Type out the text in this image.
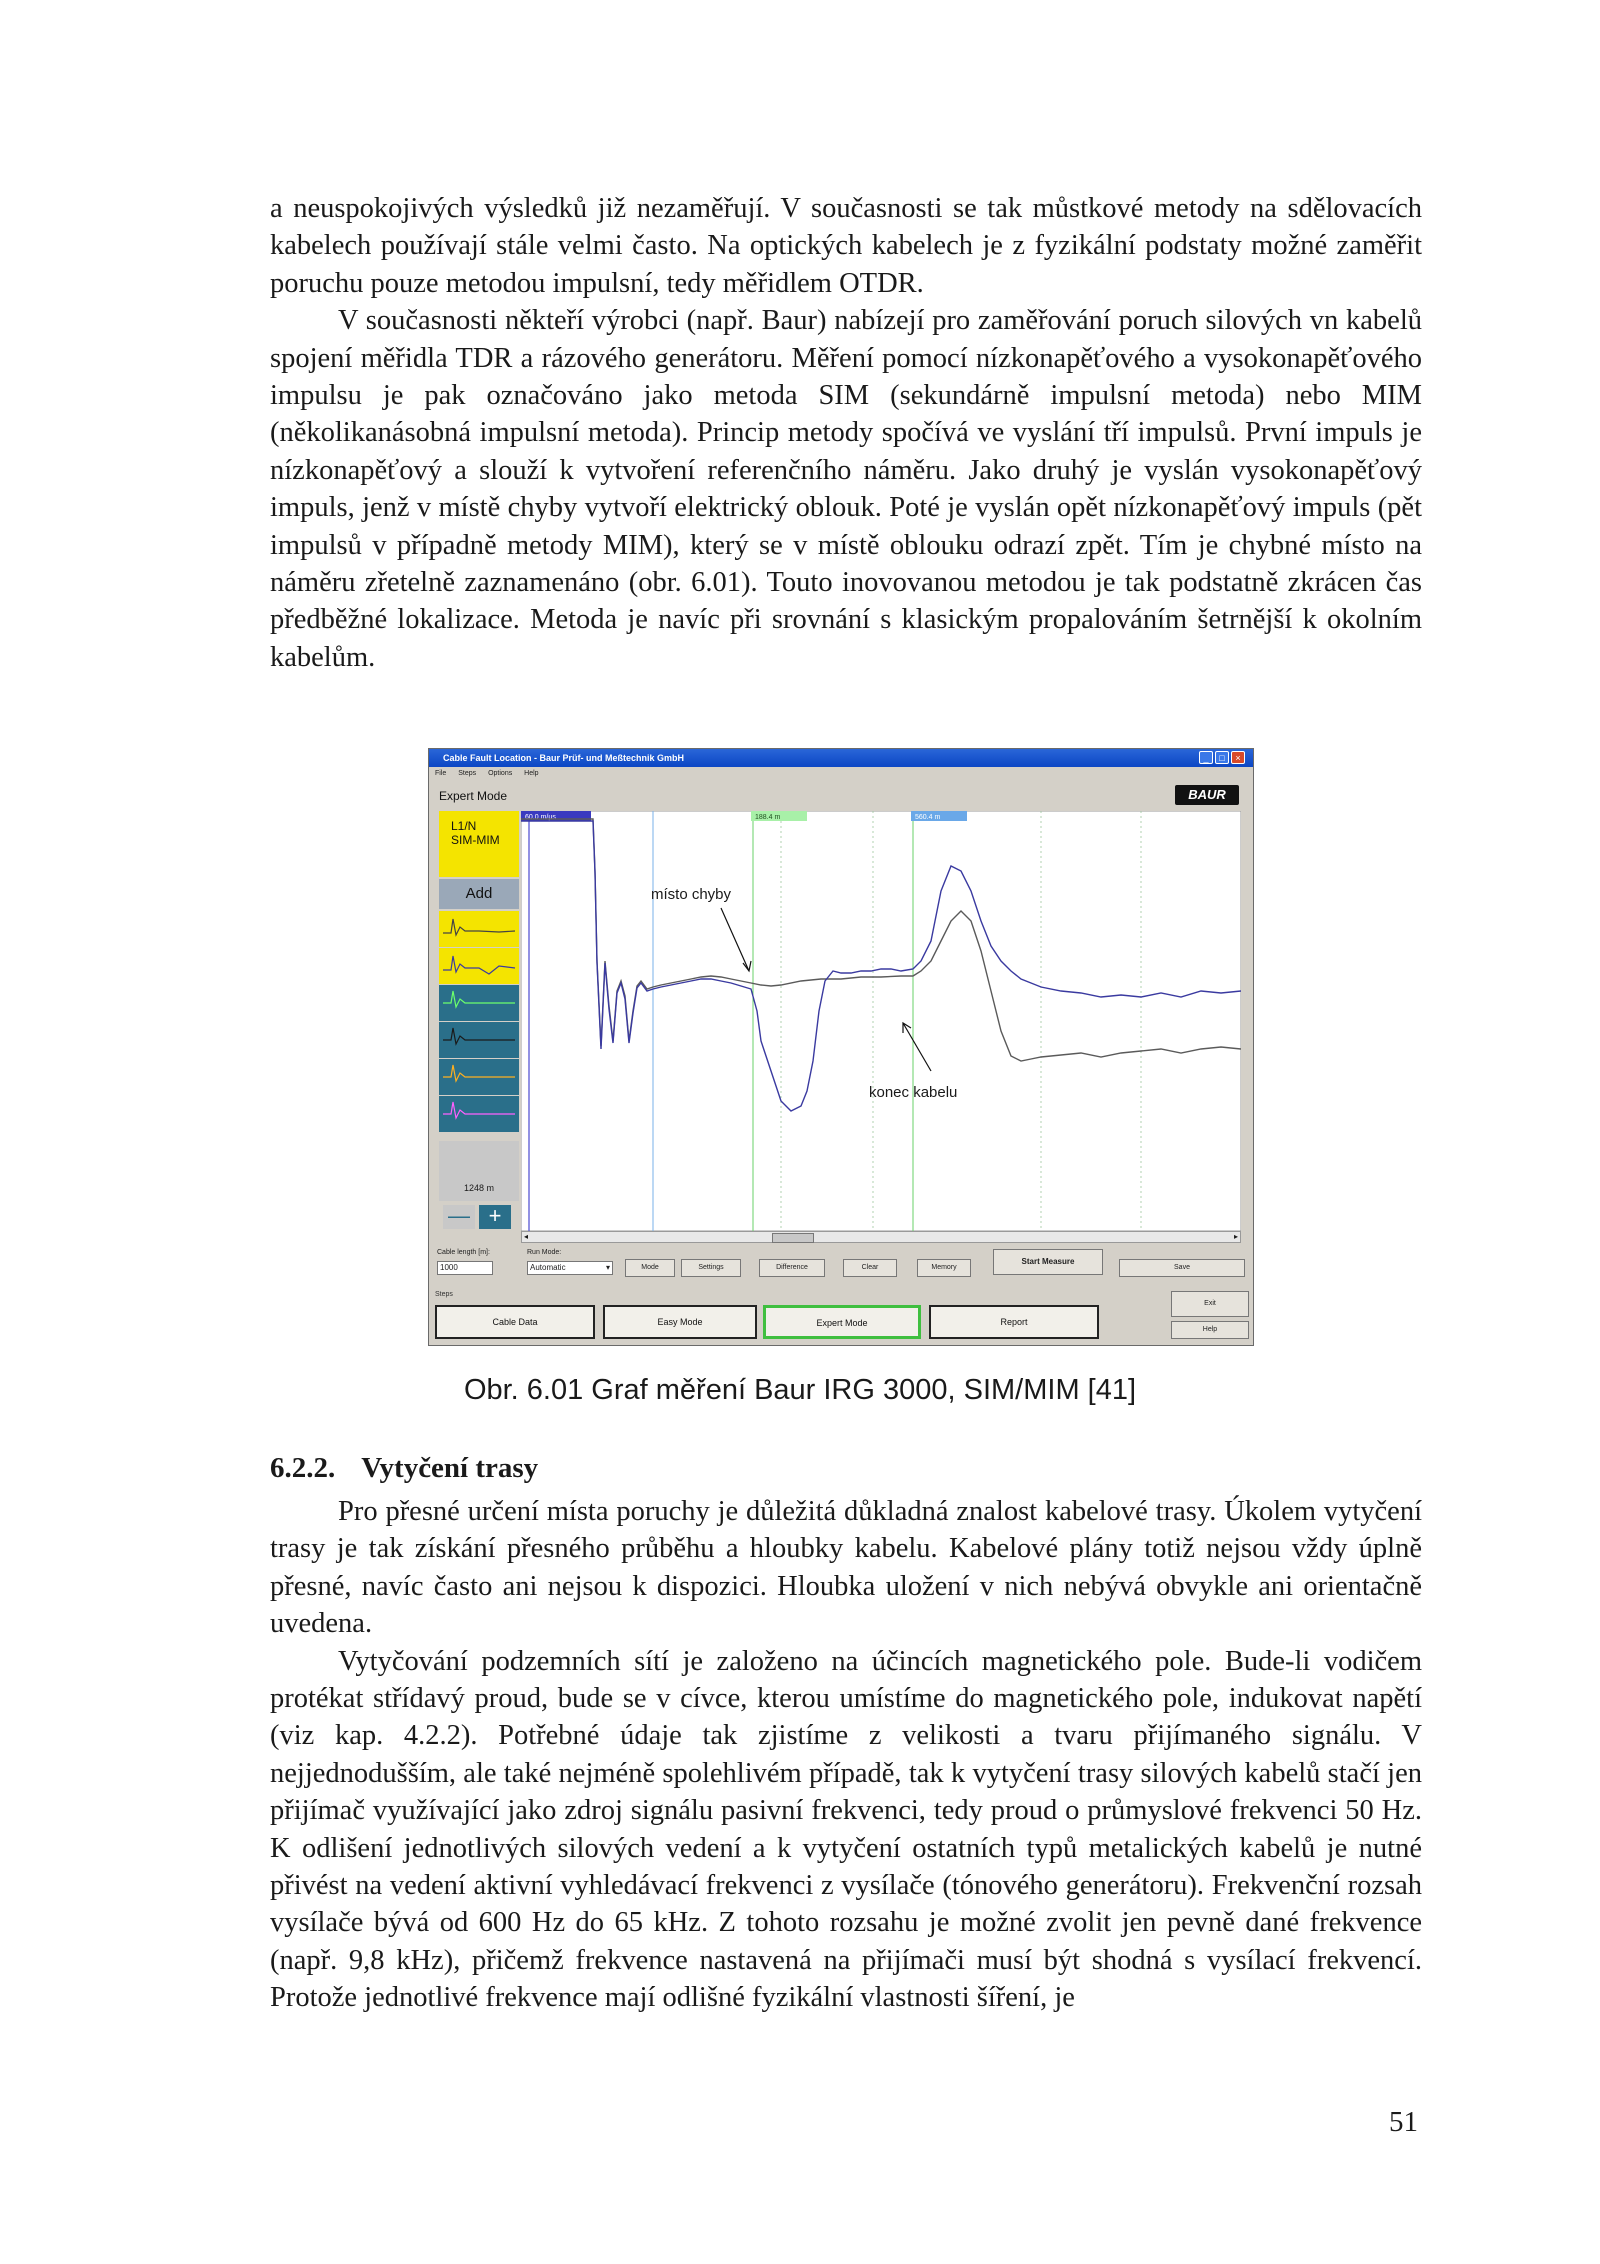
a neuspokojivých výsledků již nezaměřují. V současnosti se tak můstkové metody na sdělovacích kabelech používají stále velmi často. Na optických kabelech je z fyzikální podstaty možné zaměřit poruchu pouze metodou impulsní, tedy měřidlem OTDR.

V současnosti někteří výrobci (např. Baur) nabízejí pro zaměřování poruch silových vn kabelů spojení měřidla TDR a rázového generátoru. Měření pomocí nízkonapěťového a vysokonapěťového impulsu je pak označováno jako metoda SIM (sekundárně impulsní metoda) nebo MIM (několikanásobná impulsní metoda). Princip metody spočívá ve vyslání tří impulsů. První impuls je nízkonapěťový a slouží k vytvoření referenčního náměru. Jako druhý je vyslán vysokonapěťový impuls, jenž v místě chyby vytvoří elektrický oblouk. Poté je vyslán opět nízkonapěťový impuls (pět impulsů v případně metody MIM), který se v místě oblouku odrazí zpět. Tím je chybné místo na náměru zřetelně zaznamenáno (obr. 6.01). Touto inovovanou metodou je tak podstatně zkrácen čas předběžné lokalizace. Metoda je navíc při srovnání s klasickým propalováním šetrnější k okolním kabelům.

Cable Fault Location - Baur Prüf- und Meßtechnik GmbH	_	□	×
File Steps Options Help
Expert Mode	BAUR
L1/N
SIM-MIM
Add
1248 m
— +
60.0 m/μs	188.4 m	560.4 m
místo chyby
konec kabelu
◂	▸
Cable length [m]:
1000
Run Mode:
Automatic	▾	Mode	Settings	Difference	Clear	Memory
Start Measure
Save
Steps
Cable Data	Easy Mode	Expert Mode	Report
Exit
Help
Obr. 6.01 Graf měření Baur IRG 3000, SIM/MIM [41]
6.2.2. Vytyčení trasy

Pro přesné určení místa poruchy je důležitá důkladná znalost kabelové trasy. Úkolem vytyčení trasy je tak získání přesného průběhu a hloubky kabelu. Kabelové plány totiž nejsou vždy úplně přesné, navíc často ani nejsou k dispozici. Hloubka uložení v nich nebývá obvykle ani orientačně uvedena.

Vytyčování podzemních sítí je založeno na účincích magnetického pole. Bude-li vodičem protékat střídavý proud, bude se v cívce, kterou umístíme do magnetického pole, indukovat napětí (viz kap. 4.2.2). Potřebné údaje tak zjistíme z velikosti a tvaru přijímaného signálu. V nejjednodušším, ale také nejméně spolehlivém případě, tak k vytyčení trasy silových kabelů stačí jen přijímač využívající jako zdroj signálu pasivní frekvenci, tedy proud o průmyslové frekvenci 50 Hz. K odlišení jednotlivých silových vedení a k vytyčení ostatních typů metalických kabelů je nutné přivést na vedení aktivní vyhledávací frekvenci z vysílače (tónového generátoru). Frekvenční rozsah vysílače bývá od 600 Hz do 65 kHz. Z tohoto rozsahu je možné zvolit jen pevně dané frekvence (např. 9,8 kHz), přičemž frekvence nastavená na přijímači musí být shodná s vysílací frekvencí. Protože jednotlivé frekvence mají odlišné fyzikální vlastnosti šíření, je

51
